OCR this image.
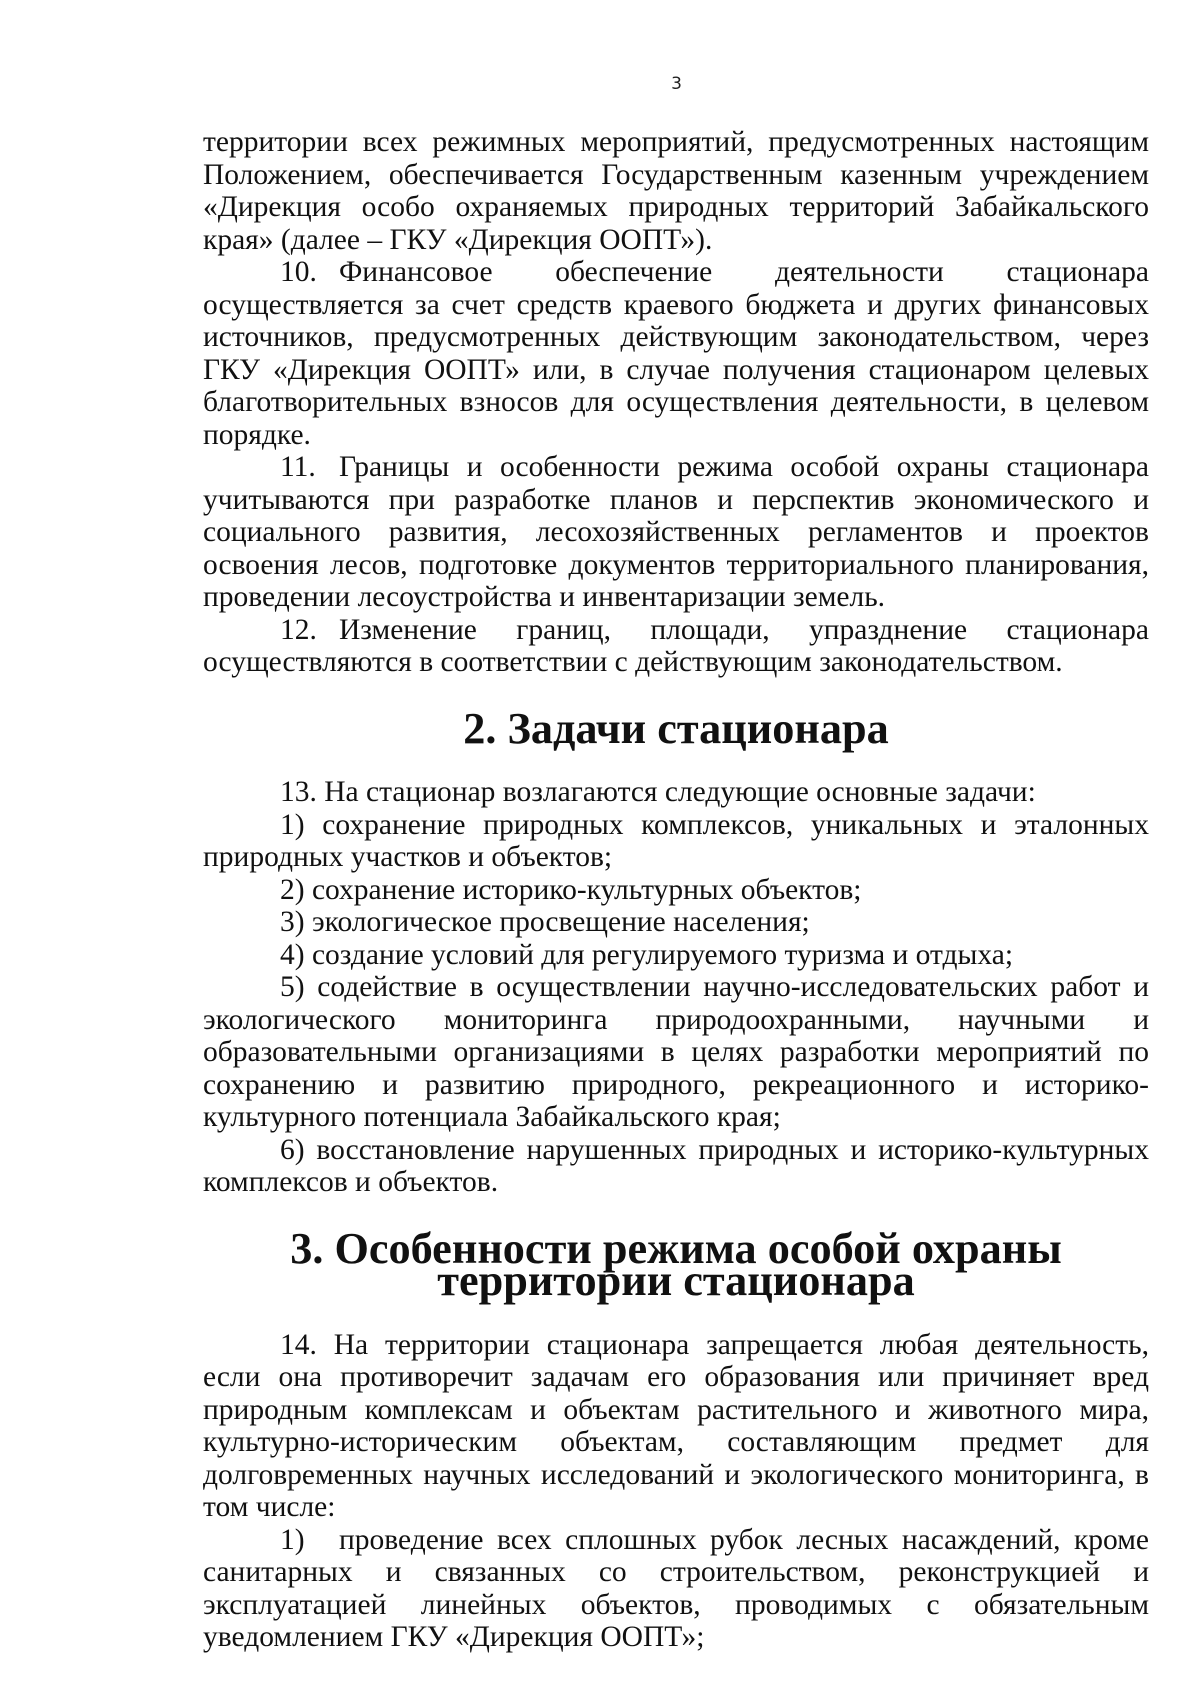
3

территории всех режимных мероприятий, предусмотренных настоящим Положением, обеспечивается Государственным казенным учреждением «Дирекция особо охраняемых природных территорий Забайкальского края» (далее – ГКУ «Дирекция ООПТ»).

10. Финансовое обеспечение деятельности стационара осуществляется за счет средств краевого бюджета и других финансовых источников, предусмотренных действующим законодательством, через ГКУ «Дирекция ООПТ» или, в случае получения стационаром целевых благотворительных взносов для осуществления деятельности, в целевом порядке.

11. Границы и особенности режима особой охраны стационара учитываются при разработке планов и перспектив экономического и социального развития, лесохозяйственных регламентов и проектов освоения лесов, подготовке документов территориального планирования, проведении лесоустройства и инвентаризации земель.

12. Изменение границ, площади, упразднение стационара осуществляются в соответствии с действующим законодательством.

2. Задачи стационара

13. На стационар возлагаются следующие основные задачи:

1) сохранение природных комплексов, уникальных и эталонных природных участков и объектов;

2) сохранение историко-культурных объектов;

3) экологическое просвещение населения;

4) создание условий для регулируемого туризма и отдыха;

5) содействие в осуществлении научно-исследовательских работ и экологического мониторинга природоохранными, научными и образовательными организациями в целях разработки мероприятий по сохранению и развитию природного, рекреационного и историко-культурного потенциала Забайкальского края;

6) восстановление нарушенных природных и историко-культурных комплексов и объектов.

3. Особенности режима особой охраны территории стационара

14. На территории стационара запрещается любая деятельность, если она противоречит задачам его образования или причиняет вред природным комплексам и объектам растительного и животного мира, культурно-историческим объектам, составляющим предмет для долговременных научных исследований и экологического мониторинга, в том числе:

1) проведение всех сплошных рубок лесных насаждений, кроме санитарных и связанных со строительством, реконструкцией и эксплуатацией линейных объектов, проводимых с обязательным уведомлением ГКУ «Дирекция ООПТ»;
